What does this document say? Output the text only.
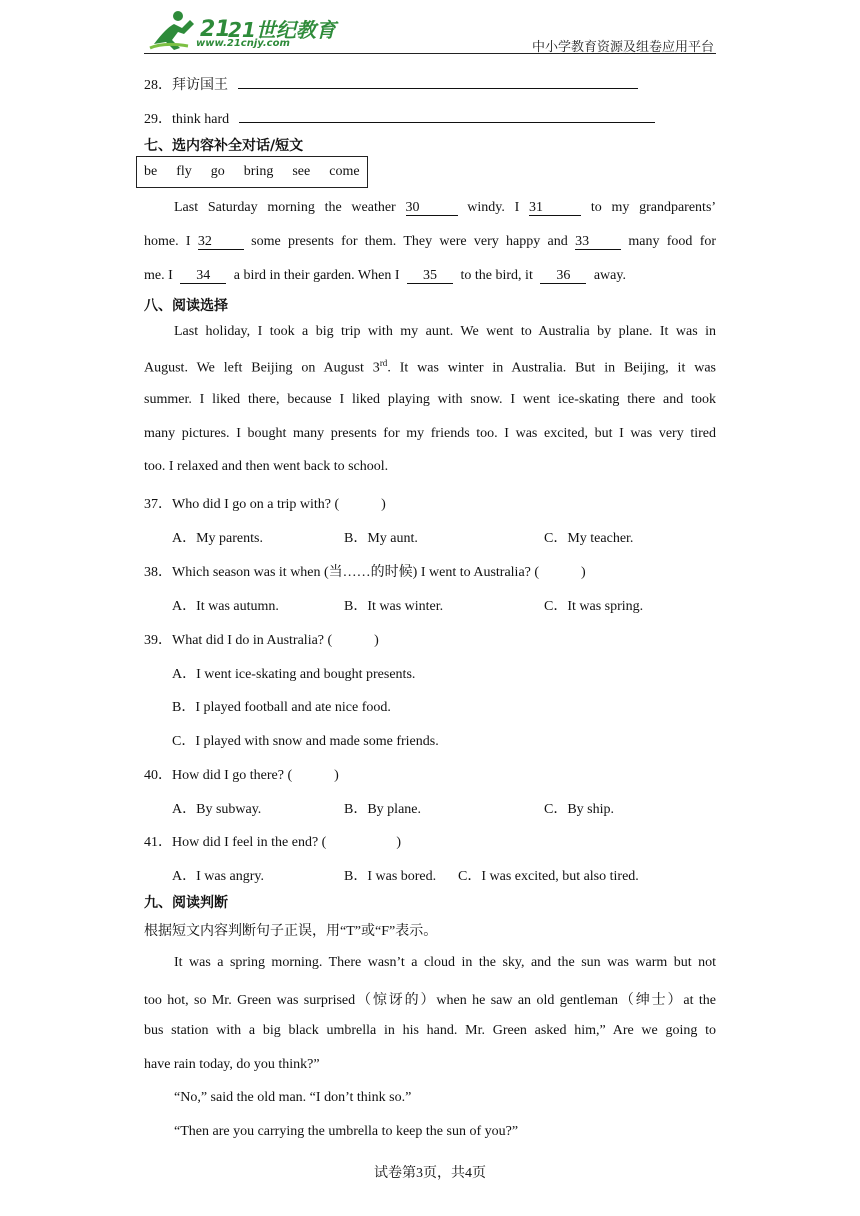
21
21世纪教育
www.21cnjy.com	中小学教育资源及组卷应用平台
28．拜访国王
29．think hard
七、选内容补全对话/短文
be fly go bring see come
Last Saturday morning the weather 30	windy. I 31	to my grandparents’
home. I 32	some presents for them. They were very happy and 33	many food for
me. I 34 a bird in their garden. When I 35 to the bird, it 36 away.
八、阅读选择
Last holiday, I took a big trip with my aunt. We went to Australia by plane. It was in
August. We left Beijing on August 3rd. It was winter in Australia. But in Beijing, it was
summer. I liked there, because I liked playing with snow. I went ice-skating there and took
many pictures. I bought many presents for my friends too. I was excited, but I was very tired
too. I relaxed and then went back to school.
37．Who did I go on a trip with? (　　　)
A．My parents.	B．My aunt.	C．My teacher.
38．Which season was it when (当……的时候) I went to Australia? (　　　)
A．It was autumn.	B．It was winter.	C．It was spring.
39．What did I do in Australia? (　　　)
A．I went ice-skating and bought presents.
B．I played football and ate nice food.
C．I played with snow and made some friends.
40．How did I go there? (　　　)
A．By subway.	B．By plane.	C．By ship.
41．How did I feel in the end? (　　　　　)
A．I was angry.	B．I was bored. C．I was excited, but also tired.
九、阅读判断
根据短文内容判断句子正误，用“T”或“F”表示。
It was a spring morning. There wasn’t a cloud in the sky, and the sun was warm but not
too hot, so Mr. Green was surprised（惊讶的）when he saw an old gentleman（绅士）at the
bus station with a big black umbrella in his hand. Mr. Green asked him,” Are we going to
have rain today, do you think?”
“No,” said the old man. “I don’t think so.”
“Then are you carrying the umbrella to keep the sun of you?”
试卷第3页，共4页
